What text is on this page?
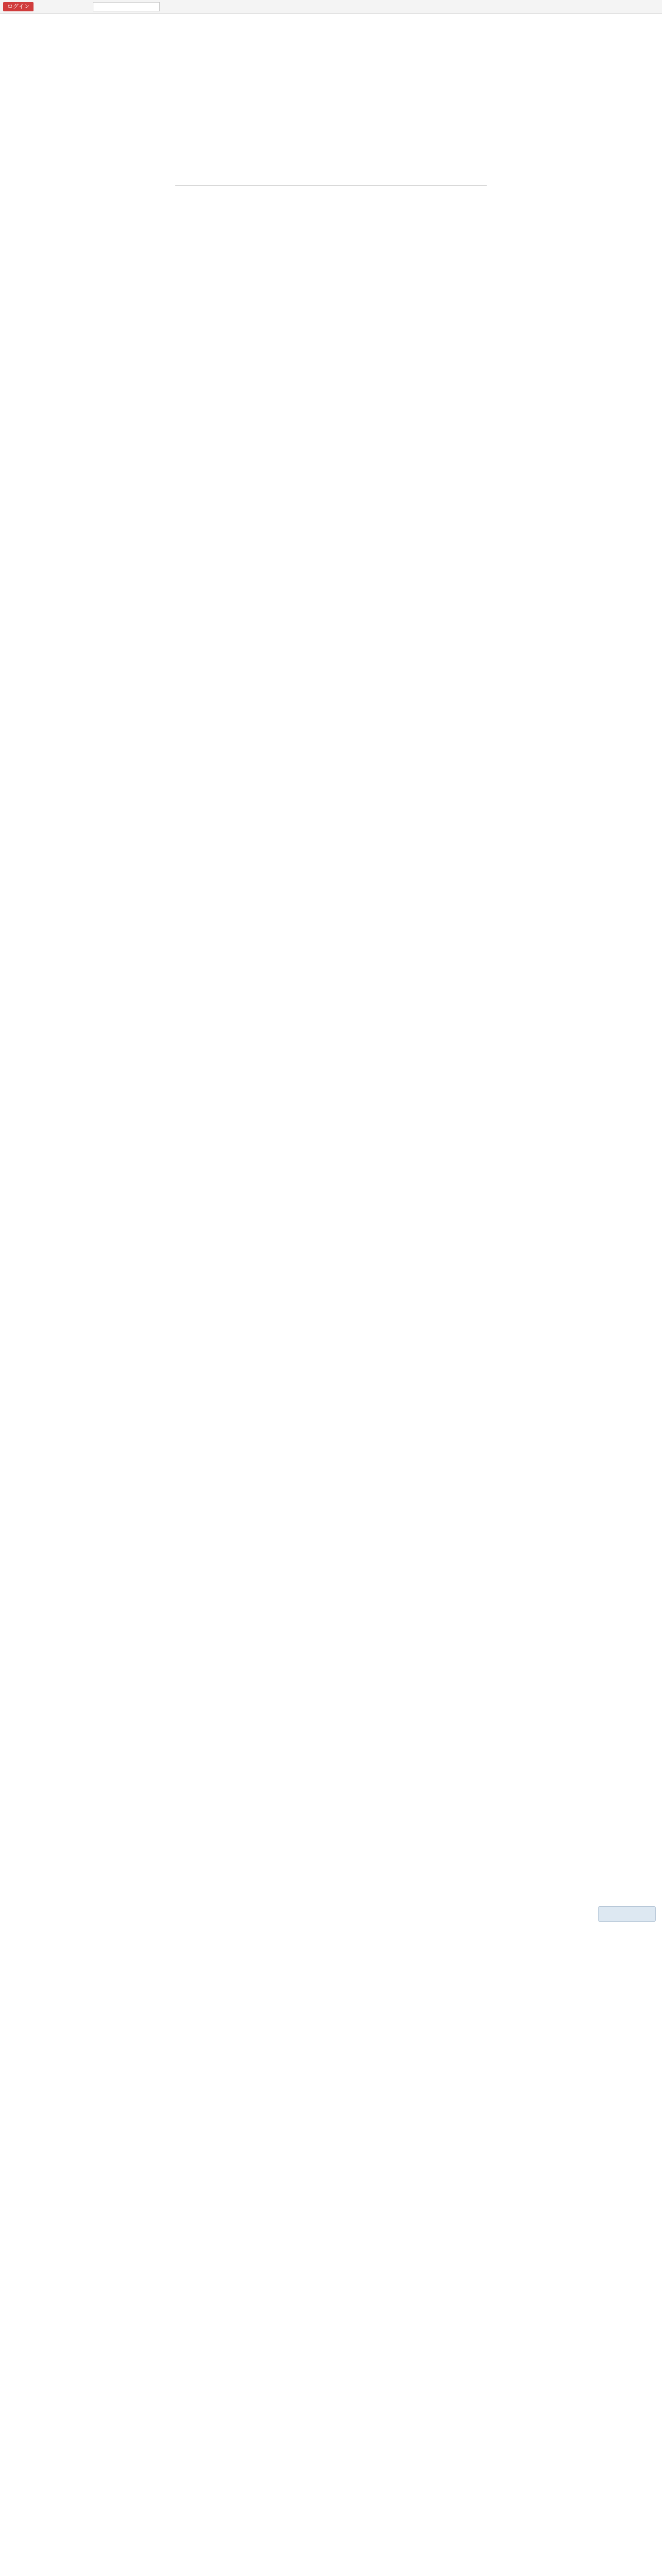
ログイン
